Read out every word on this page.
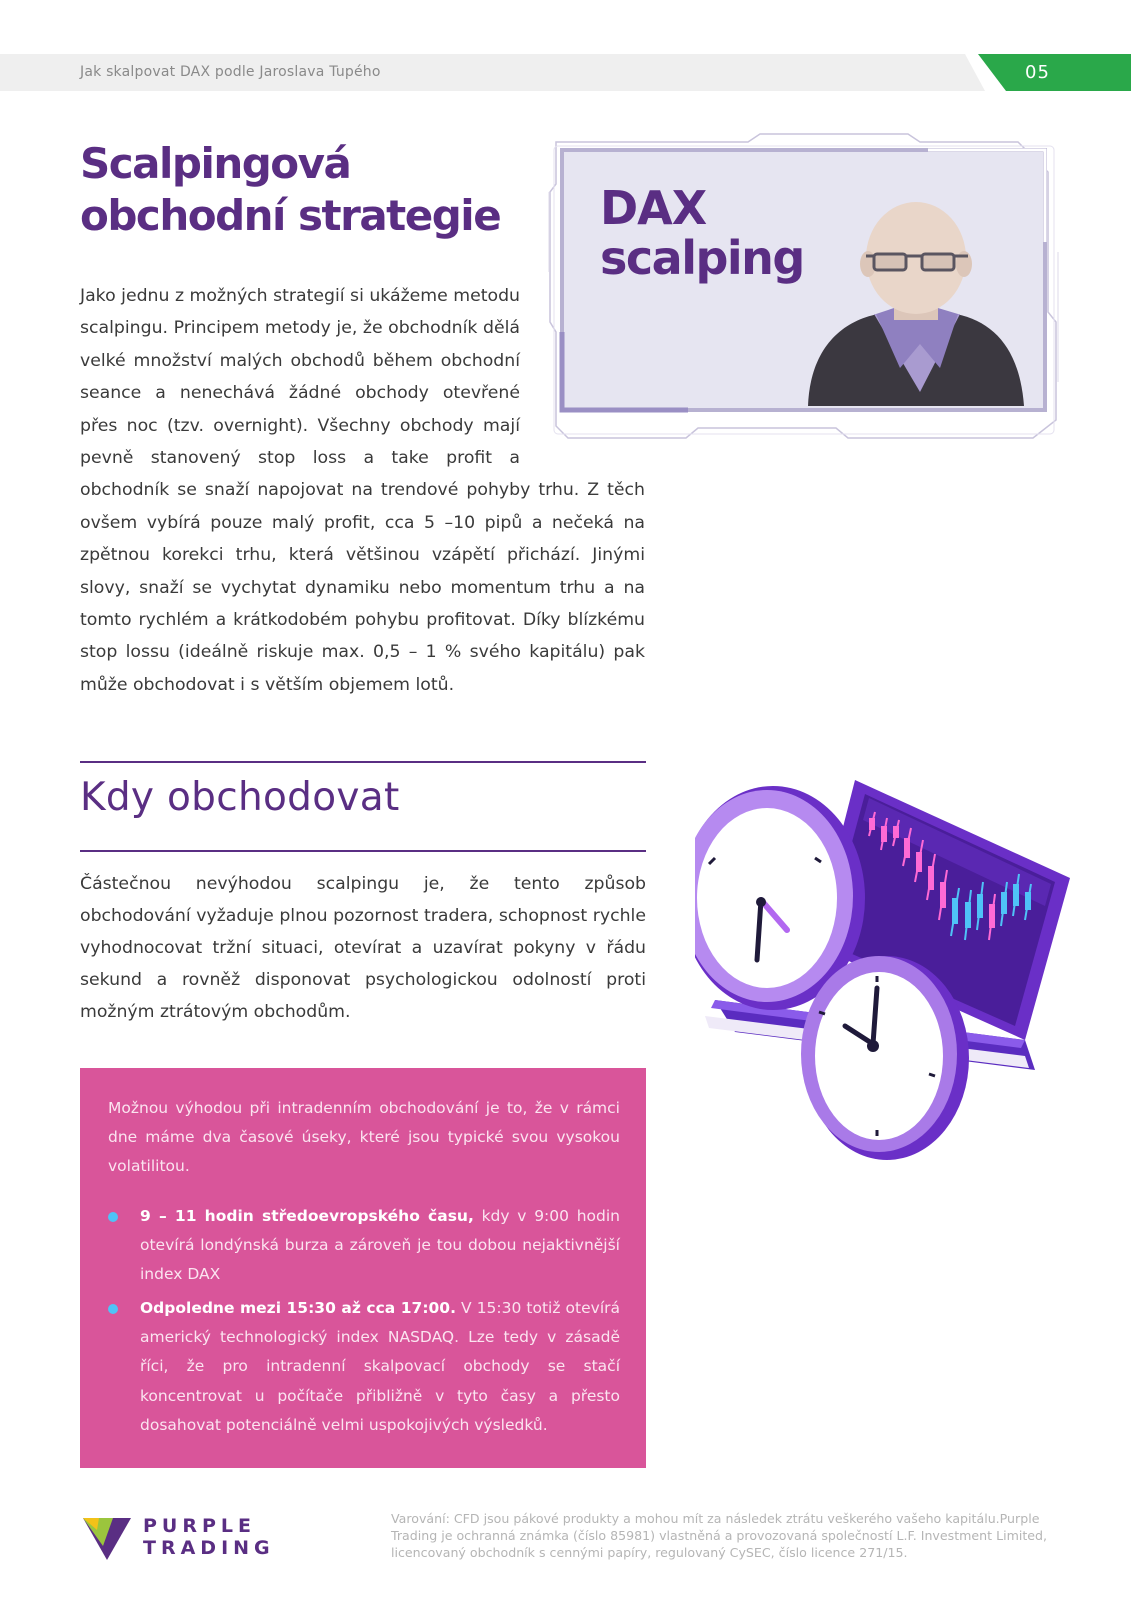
Jak skalpovat DAX podle Jaroslava Tupého	05
Scalpingová
obchodní strategie

Jako jednu z možných strategií si ukážeme metodu scalpingu. Principem metody je, že obchodník dělá velké množství malých obchodů během obchodní seance a nenechává žádné obchody otevřené přes noc (tzv. overnight). Všechny obchody mají pevně stanovený stop loss a take profit a obchodník se snaží napojovat na trendové pohyby trhu. Z těch ovšem vybírá pouze malý profit, cca 5 –10 pipů a nečeká na zpětnou korekci trhu, která většinou vzápětí přichází. Jinými slovy, snaží se vychytat dynamiku nebo momentum trhu a na tomto rychlém a krátkodobém pohybu profitovat. Díky blízkému stop lossu (ideálně riskuje max. 0,5 – 1 % svého kapitálu) pak může obchodovat i s větším objemem lotů.

DAX
scalping
Kdy obchodovat

Částečnou nevýhodou scalpingu je, že tento způsob obchodování vyžaduje plnou pozornost tradera, schopnost rychle vyhodnocovat tržní situaci, otevírat a uzavírat pokyny v řádu sekund a rovněž disponovat psychologickou odolností proti možným ztrátovým obchodům.

Možnou výhodou při intradenním obchodování je to, že v rámci dne máme dva časové úseky, které jsou typické svou vysokou volatilitou.

9 – 11 hodin středoevropského času, kdy v 9:00 hodin otevírá londýnská burza a zároveň je tou dobou nejaktivnější index DAX
Odpoledne mezi 15:30 až cca 17:00. V 15:30 totiž otevírá americký technologický index NASDAQ. Lze tedy v zásadě říci, že pro intradenní skalpovací obchody se stačí koncentrovat u počítače přibližně v tyto časy a přesto dosahovat potenciálně velmi uspokojivých výsledků.
PURPLE
TRADING

Varování: CFD jsou pákové produkty a mohou mít za následek ztrátu veškerého vašeho kapitálu.Purple Trading je ochranná známka (číslo 85981) vlastněná a provozovaná společností L.F. Investment Limited, licencovaný obchodník s cennými papíry, regulovaný CySEC, číslo licence 271/15.
